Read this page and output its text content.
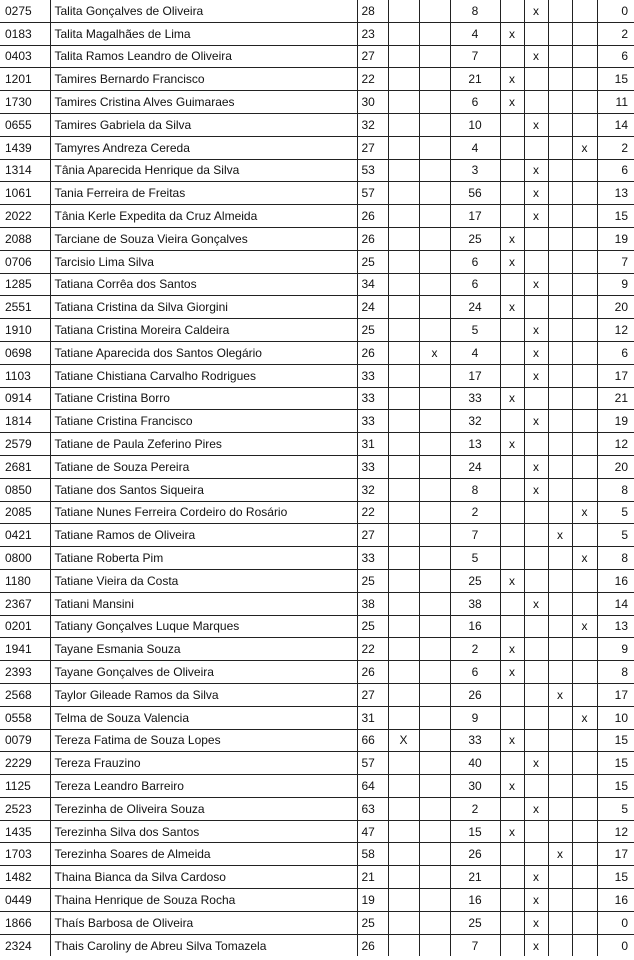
0275	Talita Gonçalves de Oliveira	28			8		x			0
0183	Talita Magalhães de Lima	23			4	x				2
0403	Talita Ramos Leandro de Oliveira	27			7		x			6
1201	Tamires Bernardo Francisco	22			21	x				15
1730	Tamires Cristina Alves Guimaraes	30			6	x				11
0655	Tamires Gabriela da Silva	32			10		x			14
1439	Tamyres Andreza Cereda	27			4				x	2
1314	Tânia Aparecida Henrique da Silva	53			3		x			6
1061	Tania Ferreira de Freitas	57			56		x			13
2022	Tânia Kerle Expedita da Cruz Almeida	26			17		x			15
2088	Tarciane de Souza Vieira Gonçalves	26			25	x				19
0706	Tarcisio Lima Silva	25			6	x				7
1285	Tatiana Corrêa dos Santos	34			6		x			9
2551	Tatiana Cristina da Silva Giorgini	24			24	x				20
1910	Tatiana Cristina Moreira Caldeira	25			5		x			12
0698	Tatiane Aparecida dos Santos Olegário	26		x	4		x			6
1103	Tatiane Chistiana Carvalho Rodrigues	33			17		x			17
0914	Tatiane Cristina Borro	33			33	x				21
1814	Tatiane Cristina Francisco	33			32		x			19
2579	Tatiane de Paula Zeferino Pires	31			13	x				12
2681	Tatiane de Souza Pereira	33			24		x			20
0850	Tatiane dos Santos Siqueira	32			8		x			8
2085	Tatiane Nunes Ferreira Cordeiro do Rosário	22			2				x	5
0421	Tatiane Ramos de Oliveira	27			7			x		5
0800	Tatiane Roberta Pim	33			5				x	8
1180	Tatiane Vieira da Costa	25			25	x				16
2367	Tatiani Mansini	38			38		x			14
0201	Tatiany Gonçalves Luque Marques	25			16				x	13
1941	Tayane Esmania Souza	22			2	x				9
2393	Tayane Gonçalves de Oliveira	26			6	x				8
2568	Taylor Gileade Ramos da Silva	27			26			x		17
0558	Telma de Souza Valencia	31			9				x	10
0079	Tereza Fatima de Souza Lopes	66	X		33	x				15
2229	Tereza Frauzino	57			40		x			15
1125	Tereza Leandro Barreiro	64			30	x				15
2523	Terezinha de Oliveira Souza	63			2		x			5
1435	Terezinha Silva dos Santos	47			15	x				12
1703	Terezinha Soares de Almeida	58			26			x		17
1482	Thaina Bianca da Silva Cardoso	21			21		x			15
0449	Thaina Henrique de Souza Rocha	19			16		x			16
1866	Thaís Barbosa de Oliveira	25			25		x			0
2324	Thais Caroliny de Abreu Silva Tomazela	26			7		x			0
